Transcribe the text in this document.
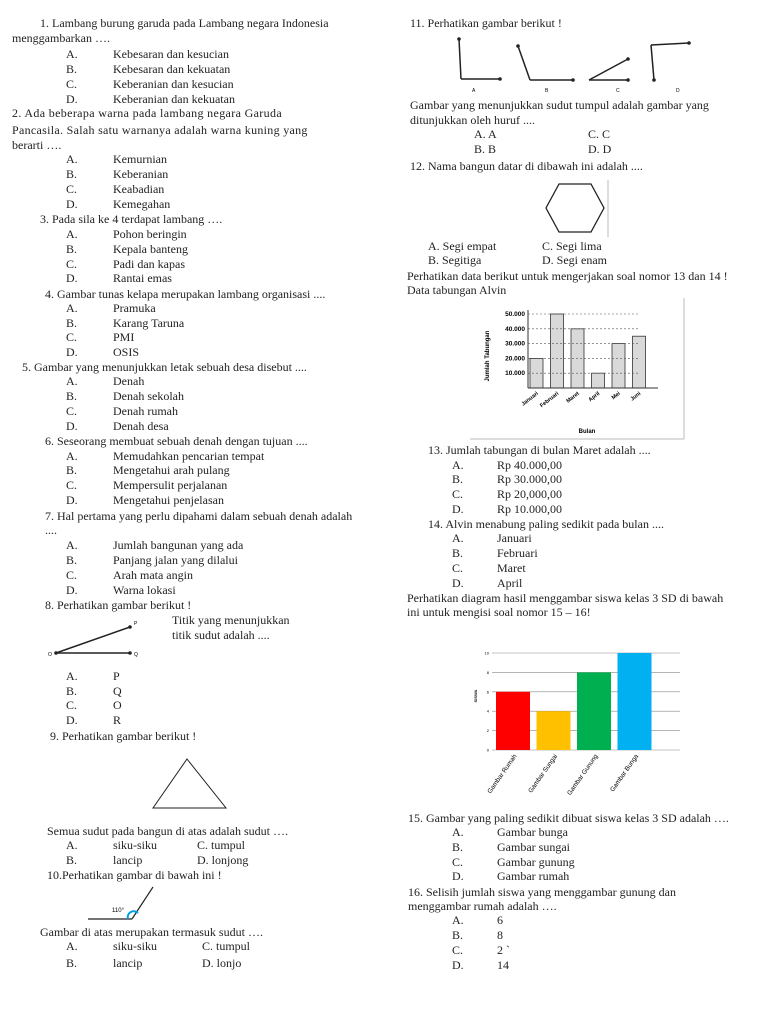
1. Lambang burung garuda pada Lambang negara Indonesia
menggambarkan ….
A.	Kebesaran dan kesucian
B.	Kebesaran dan kekuatan
C.	Keberanian dan kesucian
D.	Keberanian dan kekuatan
2. Ada beberapa warna pada lambang negara Garuda
Pancasila. Salah satu warnanya adalah warna kuning yang
berarti ….
A.	Kemurnian
B.	Keberanian
C.	Keabadian
D.	Kemegahan
3. Pada sila ke 4 terdapat lambang ….
A.	Pohon beringin
B.	Kepala banteng
C.	Padi dan kapas
D.	Rantai emas
4. Gambar tunas kelapa merupakan lambang organisasi ....
A.	Pramuka
B.	Karang Taruna
C.	PMI
D.	OSIS
5. Gambar yang menunjukkan letak sebuah desa disebut ....
A.	Denah
B.	Denah sekolah
C.	Denah rumah
D.	Denah desa
6. Seseorang membuat sebuah denah dengan tujuan ....
A.	Memudahkan pencarian tempat
B.	Mengetahui arah pulang
C.	Mempersulit perjalanan
D.	Mengetahui penjelasan
7. Hal pertama yang perlu dipahami dalam sebuah denah adalah
....
A.	Jumlah bangunan yang ada
B.	Panjang jalan yang dilalui
C.	Arah mata angin
D.	Warna lokasi
8. Perhatikan gambar berikut !
Titik yang menunjukkan
titik sudut adalah ....
P
O	Q
A.	P
B.	Q
C.	O
D.	R
9. Perhatikan gambar berikut !
Semua sudut pada bangun di atas adalah sudut ….
A.	siku-siku	C. tumpul
B.	lancip	D. lonjong
10.Perhatikan gambar di bawah ini !
110°
Gambar di atas merupakan termasuk sudut ….
A.	siku-siku	C. tumpul
B.	lancip	D. lonjo
11. Perhatikan gambar berikut !
A	B	C	D
Gambar yang menunjukkan sudut tumpul adalah gambar yang
ditunjukkan oleh huruf ....
A. A
B. B
C. C
D. D
12. Nama bangun datar di dibawah ini adalah ....
A. Segi empat
B. Segitiga
C. Segi lima
D. Segi enam
Perhatikan data berikut untuk mengerjakan soal nomor 13 dan 14 !
Data tabungan Alvin
10.000
20.000
30.000
40.000
50.000
Januari Februari Maret April Mei Juni
Jumlah Tabungan
Bulan
13. Jumlah tabungan di bulan Maret adalah ....
A.	Rp 40.000,00
B.	Rp 30.000,00
C.	Rp 20,000,00
D.	Rp 10.000,00
14. Alvin menabung paling sedikit pada bulan ....
A.	Januari
B.	Februari
C.	Maret
D.	April
Perhatikan diagram hasil menggambar siswa kelas 3 SD di bawah
ini untuk mengisi soal nomor 15 – 16!
0
2
4
6
8
10
Gambar Rumah Gambar Sungai Gambar Gunung Gambar Bunga
SISWA
15. Gambar yang paling sedikit dibuat siswa kelas 3 SD adalah ….
A.	Gambar bunga
B.	Gambar sungai
C.	Gambar gunung
D.	Gambar rumah
16. Selisih jumlah siswa yang menggambar gunung dan
menggambar rumah adalah ….
A.	6
B.	8
C.	2 `
D.	14
